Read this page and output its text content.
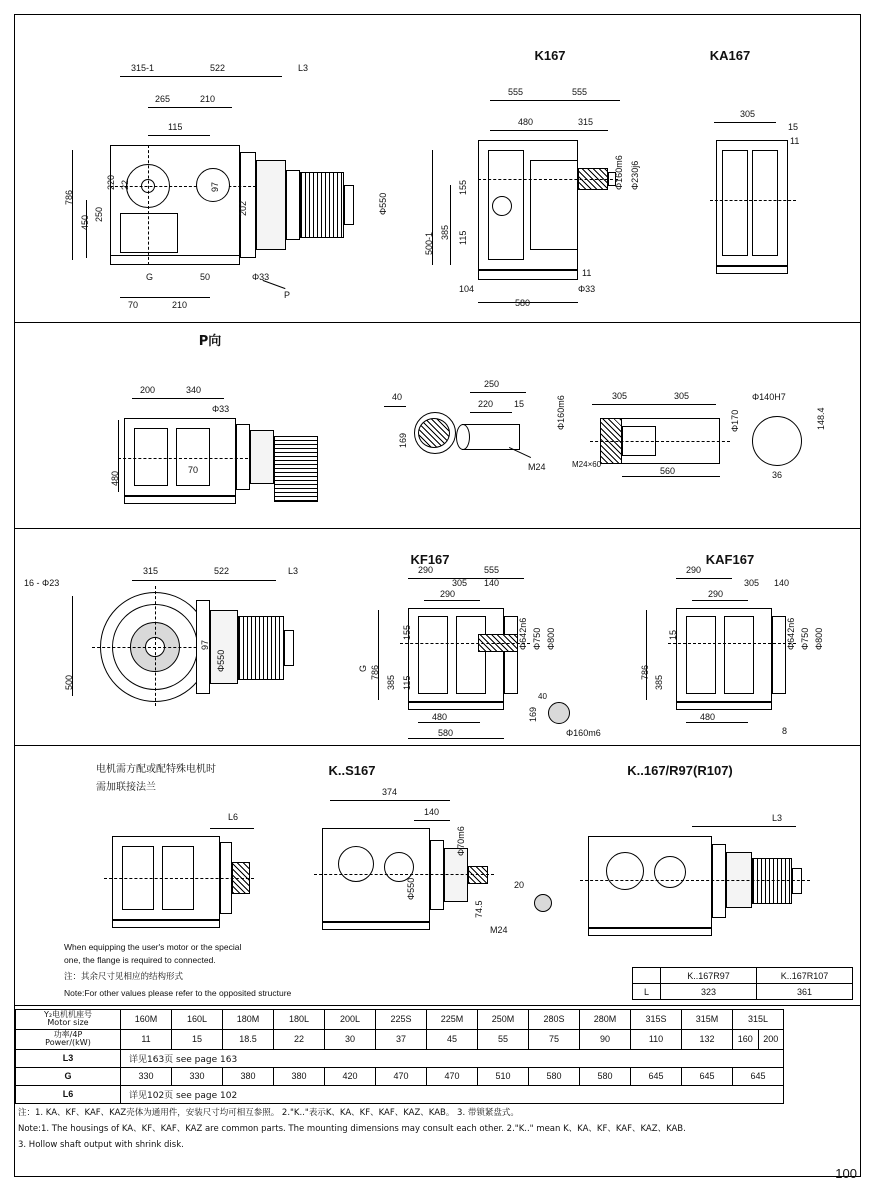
K167	KA167
315-1	522	L3
265	210
115
786
450
250
220 22	97
202	Φ550
G	50	Φ33
70	210
P
555	555
480	315
155
385 115
500-1
Φ160m6 Φ230j6
11
104	Φ33
580
305
15
11
P向
200	340
Φ33
480
70
40
169
M24
250
220 15	Φ160m6	305	305
M24×60
Φ170
560
Φ140H7
148.4
36
KF167	KAF167
315	522	L3
16 - Φ23
500
97
Φ550	G
290	555
305 140
290
155
115
385
786
Φ642n6 Φ750 Φ800
480
580
40
169
Φ160m6
290
305 140
290
15
385
786
Φ642n6 Φ750 Φ800
480
8
电机需方配或配特殊电机时
需加联接法兰
K..S167	K..167/R97(R107)
L6
374
140
Φ70m6
Φ550
74.5
20
M24
L3
When equipping the user's motor or the special
one, the flange is required to connected.
注：其余尺寸见相应的结构形式
Note:For other values please refer to the opposited structure
	K..167R97	K..167R107
L	323	361
Y₂电机机座号
Motor size	160M	160L	180M	180L	200L	225S	225M	250M	280S	280M	315S	315M	315L	

功率/4P
Power/(kW)	11	15	18.5	22	30	37	45	55	75	90	110	132	160	200
L3	详见163页 see page 163													
G	330	330	380	380	420	470	470	510	580	580	645	645	645	
L6	详见102页 see page 102													
注：1. KA、KF、KAF、KAZ壳体为通用件，安装尺寸均可相互参照。 2."K.."表示K、KA、KF、KAF、KAZ、KAB。 3. 带锁紧盘式。
Note:1. The housings of KA、KF、KAF、KAZ are common parts. The mounting dimensions may consult each other. 2."K.." mean K、KA、KF、KAF、KAZ、KAB.
3. Hollow shaft output with shrink disk.
100
